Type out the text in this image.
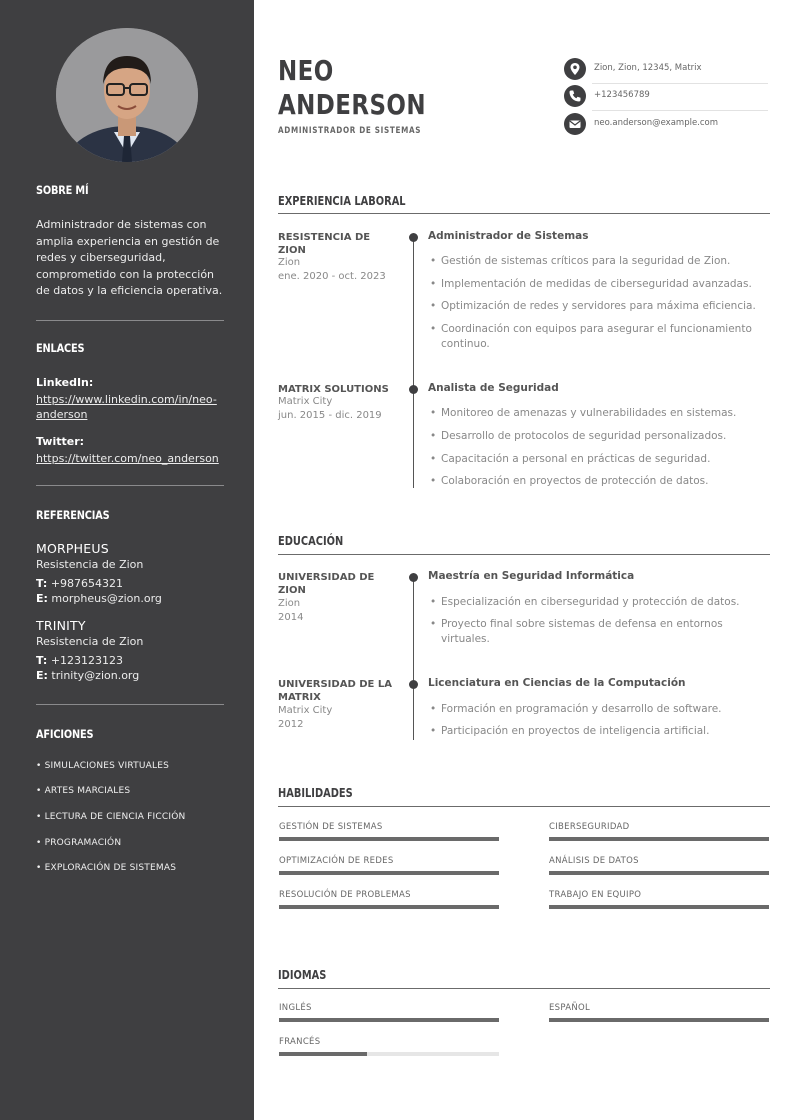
SOBRE MÍ
Administrador de sistemas con amplia experiencia en gestión de redes y ciberseguridad, comprometido con la protección de datos y la eficiencia operativa.
ENLACES
LinkedIn:
https://www.linkedin.com/in/neo-anderson
Twitter:
https://twitter.com/neo_anderson
REFERENCIAS
MORPHEUS
Resistencia de Zion
T: +987654321
E: morpheus@zion.org
TRINITY
Resistencia de Zion
T: +123123123
E: trinity@zion.org
AFICIONES
• SIMULACIONES VIRTUALES
• ARTES MARCIALES
• LECTURA DE CIENCIA FICCIÓN
• PROGRAMACIÓN
• EXPLORACIÓN DE SISTEMAS
NEO
ANDERSON
ADMINISTRADOR DE SISTEMAS
Zion, Zion, 12345, Matrix
+123456789
neo.anderson@example.com
EXPERIENCIA LABORAL
RESISTENCIA DE ZION
Zion
ene. 2020 - oct. 2023
Administrador de Sistemas
• Gestión de sistemas críticos para la seguridad de Zion.
• Implementación de medidas de ciberseguridad avanzadas.
• Optimización de redes y servidores para máxima eficiencia.
• Coordinación con equipos para asegurar el funcionamiento continuo.
MATRIX SOLUTIONS
Matrix City
jun. 2015 - dic. 2019
Analista de Seguridad
• Monitoreo de amenazas y vulnerabilidades en sistemas.
• Desarrollo de protocolos de seguridad personalizados.
• Capacitación a personal en prácticas de seguridad.
• Colaboración en proyectos de protección de datos.
EDUCACIÓN
UNIVERSIDAD DE ZION
Zion
2014
Maestría en Seguridad Informática
• Especialización en ciberseguridad y protección de datos.
• Proyecto final sobre sistemas de defensa en entornos virtuales.
UNIVERSIDAD DE LA MATRIX
Matrix City
2012
Licenciatura en Ciencias de la Computación
• Formación en programación y desarrollo de software.
• Participación en proyectos de inteligencia artificial.
HABILIDADES
GESTIÓN DE SISTEMAS	CIBERSEGURIDAD
OPTIMIZACIÓN DE REDES	ANÁLISIS DE DATOS
RESOLUCIÓN DE PROBLEMAS	TRABAJO EN EQUIPO
IDIOMAS
INGLÉS	ESPAÑOL
FRANCÉS
